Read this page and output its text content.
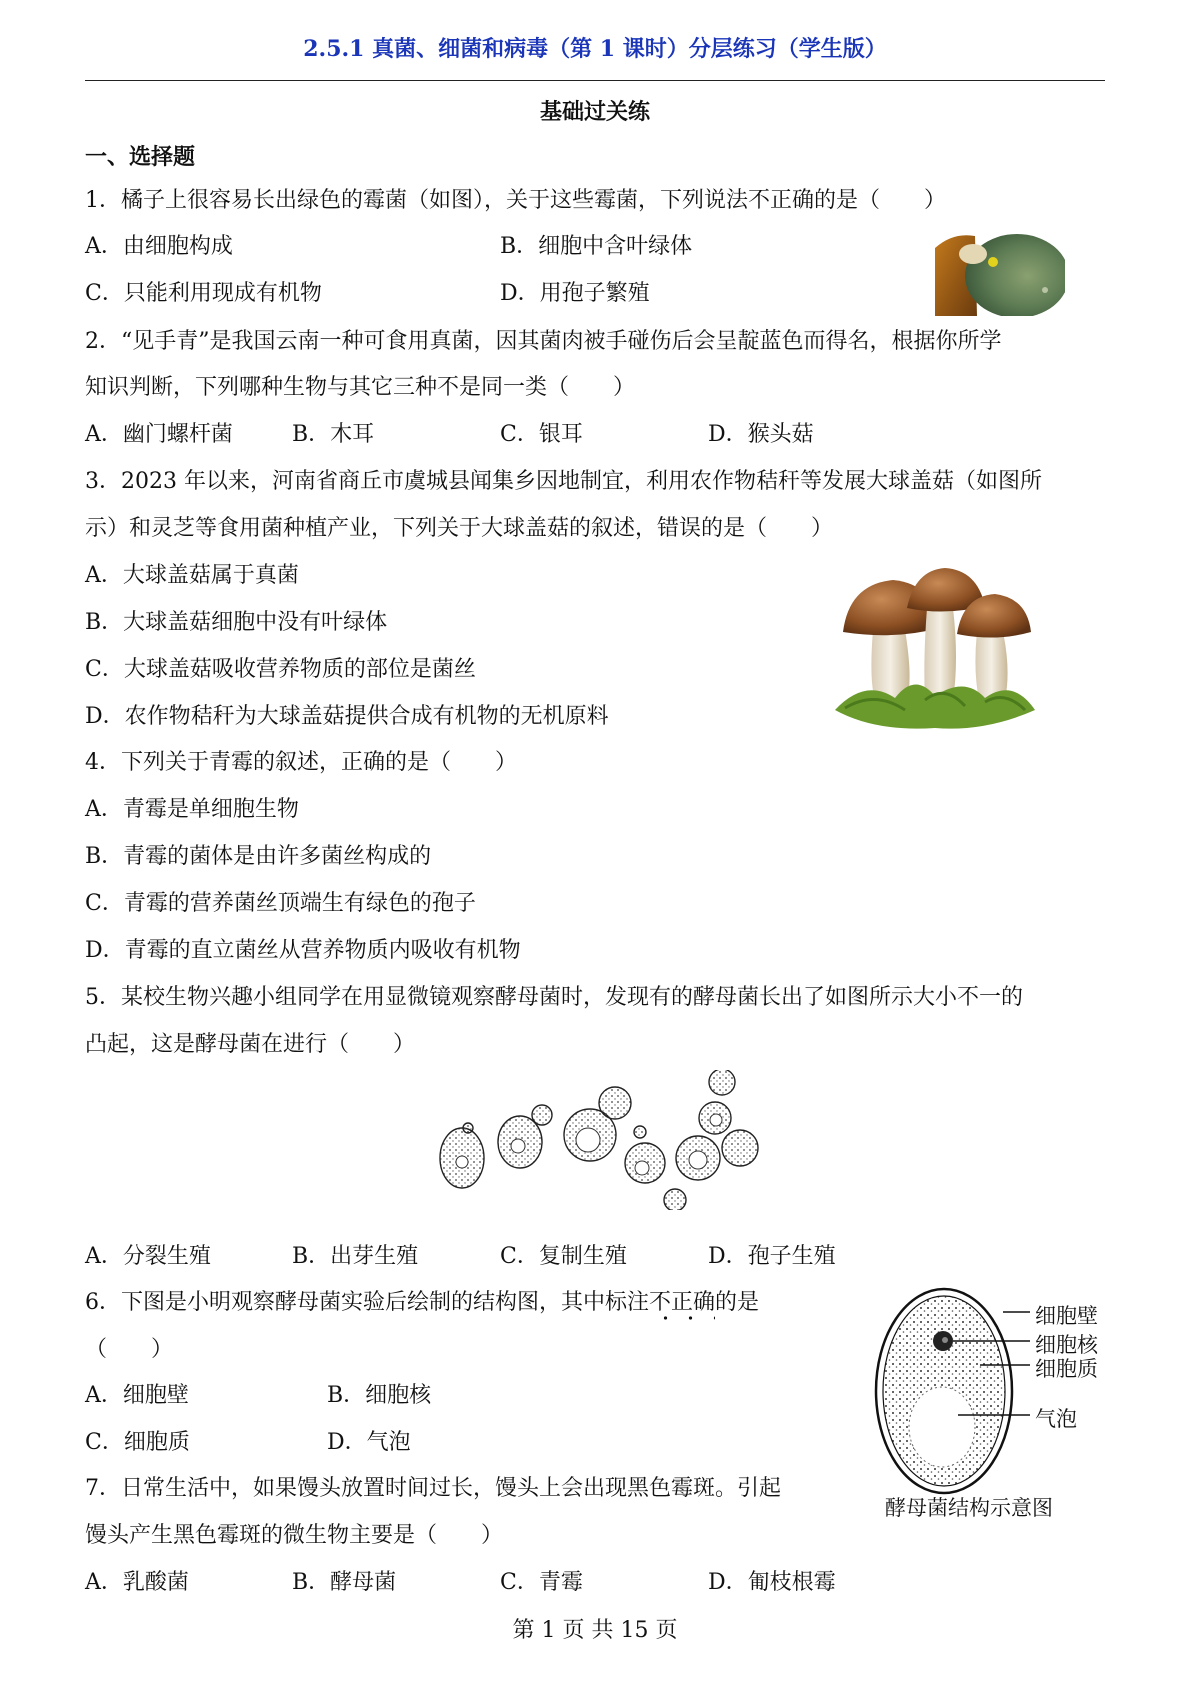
2.5.1 真菌、细菌和病毒（第 1 课时）分层练习（学生版）
基础过关练
一、选择题
1．橘子上很容易长出绿色的霉菌（如图），关于这些霉菌，下列说法不正确的是（　　）
A．由细胞构成	B．细胞中含叶绿体
C．只能利用现成有机物	D．用孢子繁殖
2．“见手青”是我国云南一种可食用真菌，因其菌肉被手碰伤后会呈靛蓝色而得名，根据你所学
知识判断，下列哪种生物与其它三种不是同一类（　　）
A．幽门螺杆菌	B．木耳	C．银耳	D．猴头菇
3．2023 年以来，河南省商丘市虞城县闻集乡因地制宜，利用农作物秸秆等发展大球盖菇（如图所
示）和灵芝等食用菌种植产业，下列关于大球盖菇的叙述，错误的是（　　）
A．大球盖菇属于真菌
B．大球盖菇细胞中没有叶绿体
C．大球盖菇吸收营养物质的部位是菌丝
D．农作物秸秆为大球盖菇提供合成有机物的无机原料
4．下列关于青霉的叙述，正确的是（　　）
A．青霉是单细胞生物
B．青霉的菌体是由许多菌丝构成的
C．青霉的营养菌丝顶端生有绿色的孢子
D．青霉的直立菌丝从营养物质内吸收有机物
5．某校生物兴趣小组同学在用显微镜观察酵母菌时，发现有的酵母菌长出了如图所示大小不一的
凸起，这是酵母菌在进行（　　）
A．分裂生殖	B．出芽生殖	C．复制生殖	D．孢子生殖
6．下图是小明观察酵母菌实验后绘制的结构图，其中标注不正确的是
（　　）
A．细胞壁	B．细胞核
C．细胞质	D．气泡
细胞壁
细胞核
细胞质
气泡
酵母菌结构示意图
7．日常生活中，如果馒头放置时间过长，馒头上会出现黑色霉斑。引起
馒头产生黑色霉斑的微生物主要是（　　）
A．乳酸菌	B．酵母菌	C．青霉	D．匍枝根霉
第 1 页 共 15 页
